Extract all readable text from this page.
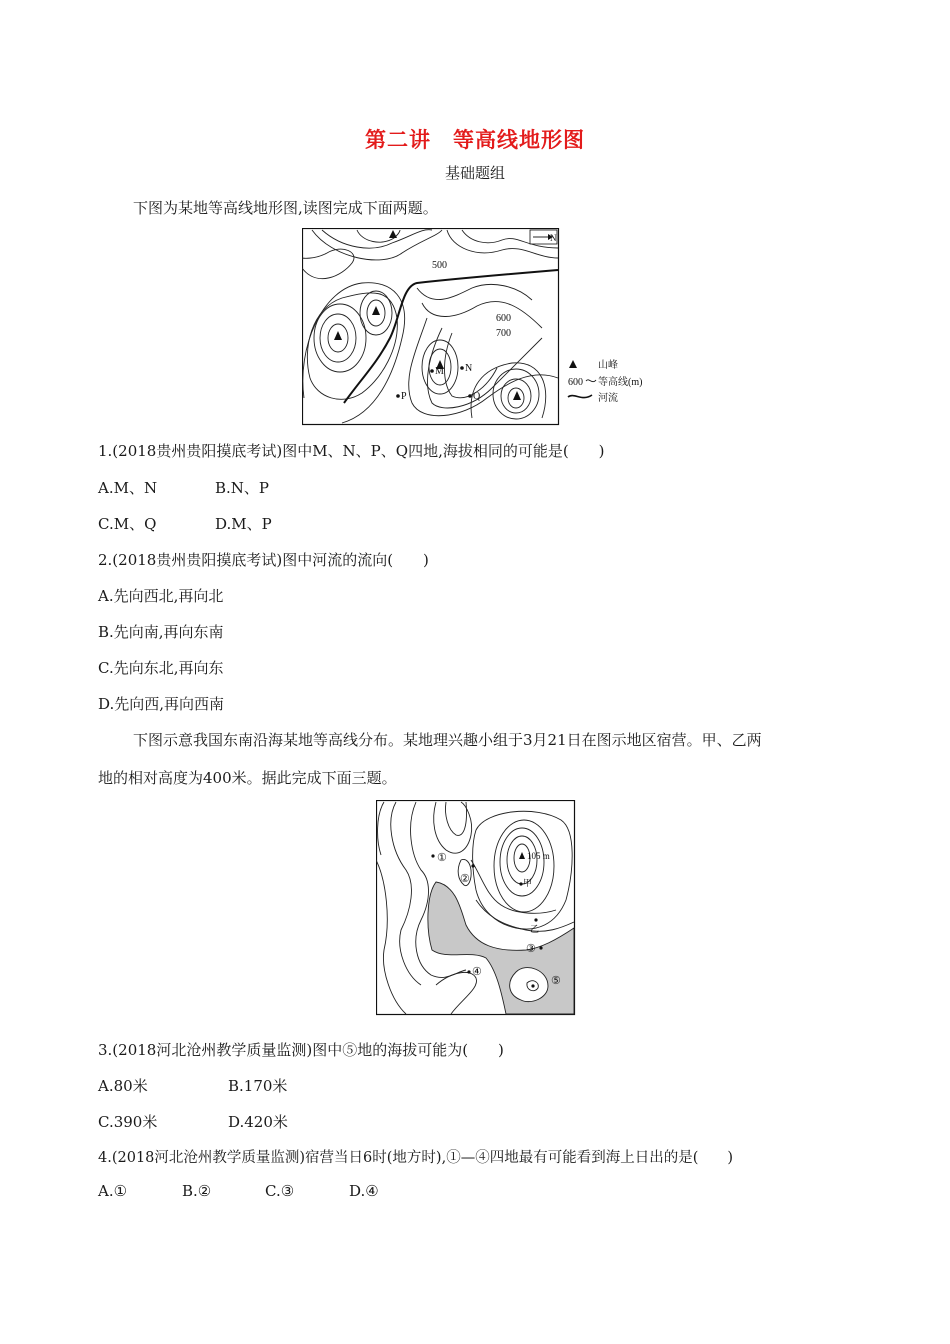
第二讲　等高线地形图
基础题组
下图为某地等高线地形图,读图完成下面两题。
N
500
600
700
M N
P	Q
山峰
600 等高线(m)
河流
1.(2018贵州贵阳摸底考试)图中M、N、P、Q四地,海拔相同的可能是(　　)
A.M、N	B.N、P
C.M、Q	D.M、P
2.(2018贵州贵阳摸底考试)图中河流的流向(　　)
A.先向西北,再向北
B.先向南,再向东南
C.先向东北,再向东
D.先向西,再向西南
下图示意我国东南沿海某地等高线分布。某地理兴趣小组于3月21日在图示地区宿营。甲、乙两
地的相对高度为400米。据此完成下面三题。
105 m
①
②
③
④
⑤
甲
乙
3.(2018河北沧州教学质量监测)图中⑤地的海拔可能为(　　)
A.80米	B.170米
C.390米	D.420米
4.(2018河北沧州教学质量监测)宿营当日6时(地方时),①—④四地最有可能看到海上日出的是(　　)
A.①	B.②	C.③	D.④
